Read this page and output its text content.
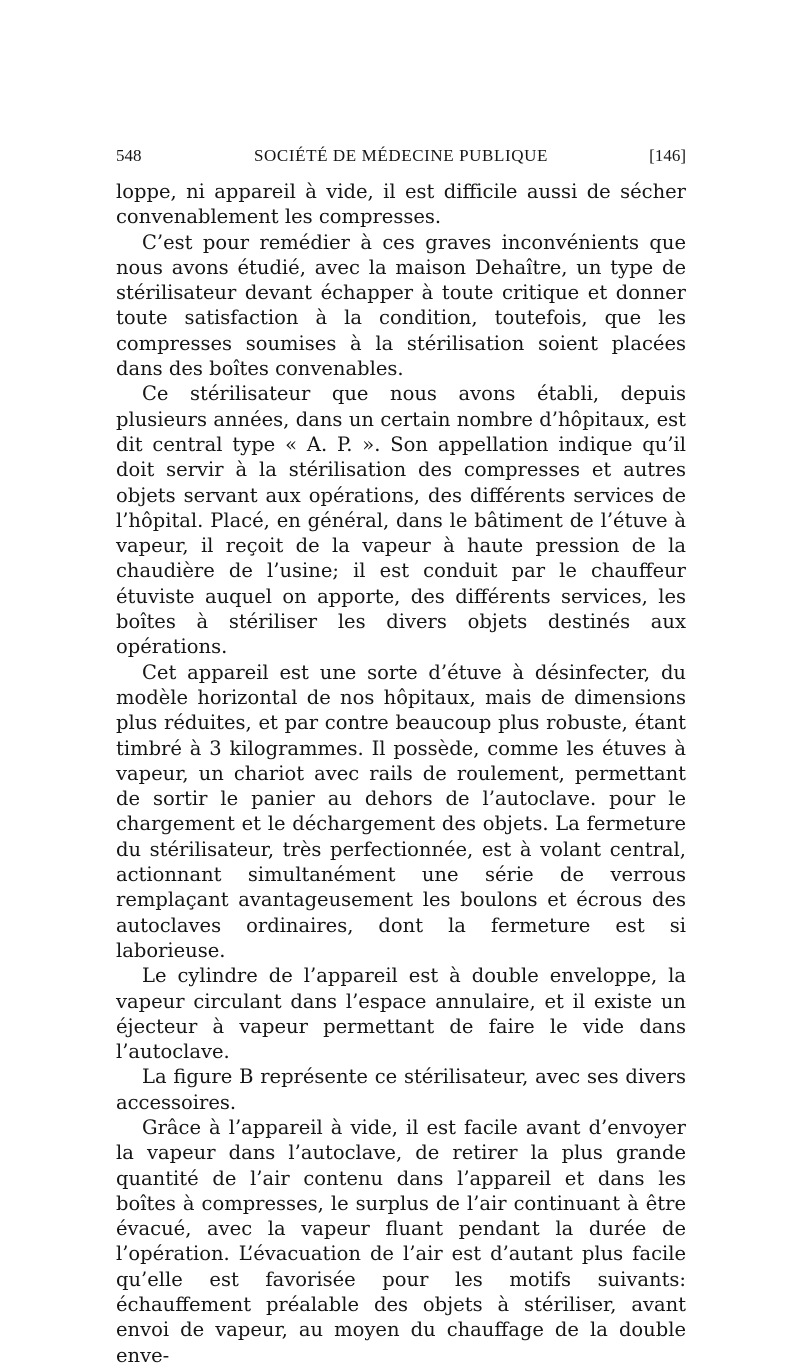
548	SOCIÉTÉ DE MÉDECINE PUBLIQUE	[146]

loppe, ni appareil à vide, il est difficile aussi de sécher convenablement les compresses.

C’est pour remédier à ces graves inconvénients que nous avons étudié, avec la maison Dehaître, un type de stérilisateur devant échapper à toute critique et donner toute satisfaction à la condition, toutefois, que les compresses soumises à la stérilisation soient placées dans des boîtes convenables.

Ce stérilisateur que nous avons établi, depuis plusieurs années, dans un certain nombre d’hôpitaux, est dit central type « A. P. ». Son appellation indique qu’il doit servir à la stérilisation des compresses et autres objets servant aux opérations, des différents services de l’hôpital. Placé, en général, dans le bâtiment de l’étuve à vapeur, il reçoit de la vapeur à haute pression de la chaudière de l’usine; il est conduit par le chauffeur étuviste auquel on apporte, des différents services, les boîtes à stériliser les divers objets destinés aux opérations.

Cet appareil est une sorte d’étuve à désinfecter, du modèle horizontal de nos hôpitaux, mais de dimensions plus réduites, et par contre beaucoup plus robuste, étant timbré à 3 kilogrammes. Il possède, comme les étuves à vapeur, un chariot avec rails de roulement, permettant de sortir le panier au dehors de l’autoclave. pour le chargement et le déchargement des objets. La fermeture du stérilisateur, très perfectionnée, est à volant central, actionnant simultanément une série de verrous remplaçant avantageusement les boulons et écrous des autoclaves ordinaires, dont la fermeture est si laborieuse.

Le cylindre de l’appareil est à double enveloppe, la vapeur circulant dans l’espace annulaire, et il existe un éjecteur à vapeur permettant de faire le vide dans l’autoclave.

La figure B représente ce stérilisateur, avec ses divers accessoires.

Grâce à l’appareil à vide, il est facile avant d’envoyer la vapeur dans l’autoclave, de retirer la plus grande quantité de l’air contenu dans l’appareil et dans les boîtes à compresses, le surplus de l’air continuant à être évacué, avec la vapeur fluant pendant la durée de l’opération. L’évacuation de l’air est d’autant plus facile qu’elle est favorisée pour les motifs suivants: échauffement préalable des objets à stériliser, avant envoi de vapeur, au moyen du chauffage de la double enve-
